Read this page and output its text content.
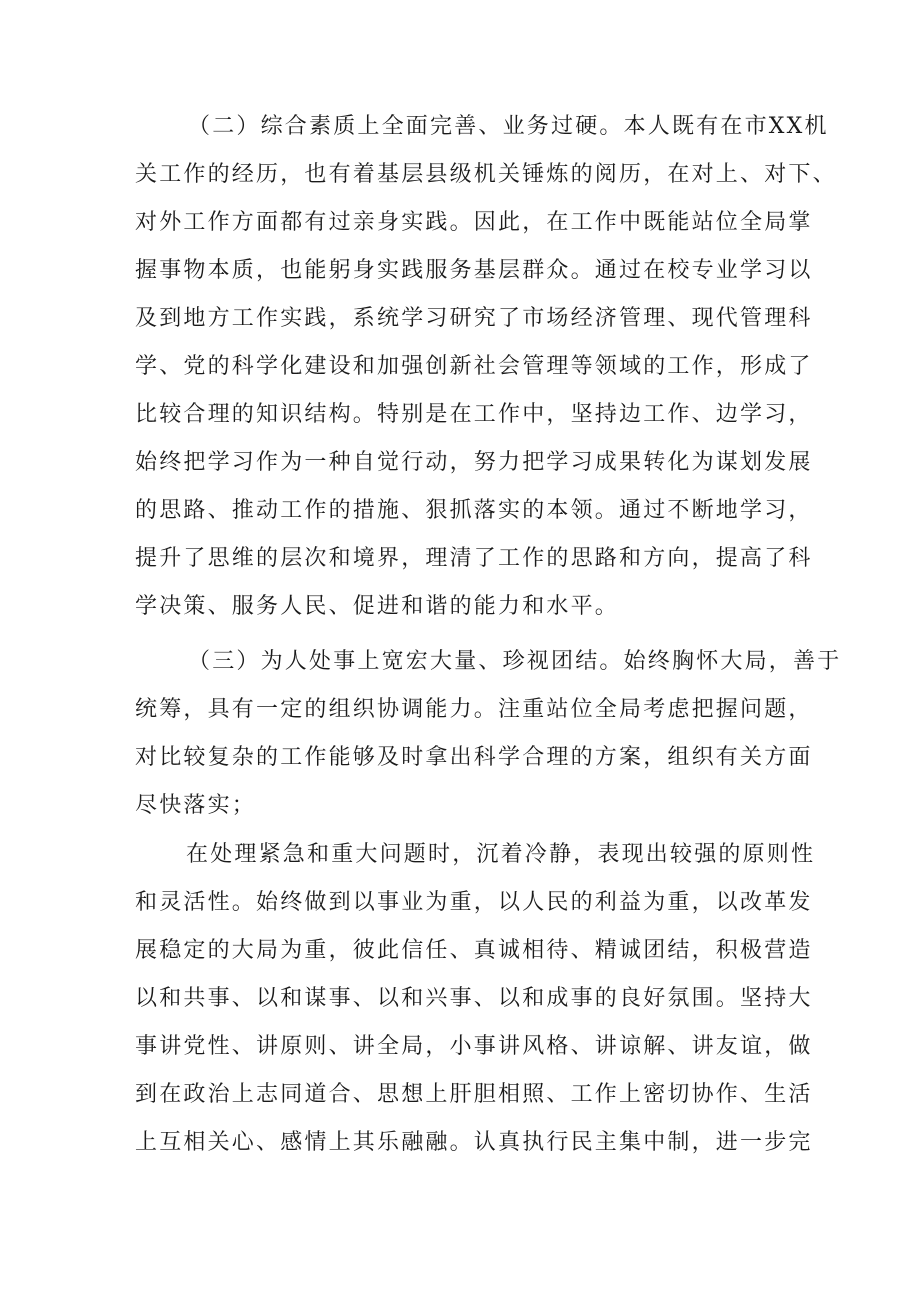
（二）综合素质上全面完善、业务过硬。本人既有在市XX机
关工作的经历，也有着基层县级机关锤炼的阅历，在对上、对下、
对外工作方面都有过亲身实践。因此，在工作中既能站位全局掌
握事物本质，也能躬身实践服务基层群众。通过在校专业学习以
及到地方工作实践，系统学习研究了市场经济管理、现代管理科
学、党的科学化建设和加强创新社会管理等领域的工作，形成了
比较合理的知识结构。特别是在工作中，坚持边工作、边学习，
始终把学习作为一种自觉行动，努力把学习成果转化为谋划发展
的思路、推动工作的措施、狠抓落实的本领。通过不断地学习，
提升了思维的层次和境界，理清了工作的思路和方向，提高了科
学决策、服务人民、促进和谐的能力和水平。
（三）为人处事上宽宏大量、珍视团结。始终胸怀大局，善于
统筹，具有一定的组织协调能力。注重站位全局考虑把握问题，
对比较复杂的工作能够及时拿出科学合理的方案，组织有关方面
尽快落实；
在处理紧急和重大问题时，沉着冷静，表现出较强的原则性
和灵活性。始终做到以事业为重，以人民的利益为重，以改革发
展稳定的大局为重，彼此信任、真诚相待、精诚团结，积极营造
以和共事、以和谋事、以和兴事、以和成事的良好氛围。坚持大
事讲党性、讲原则、讲全局，小事讲风格、讲谅解、讲友谊，做
到在政治上志同道合、思想上肝胆相照、工作上密切协作、生活
上互相关心、感情上其乐融融。认真执行民主集中制，进一步完
